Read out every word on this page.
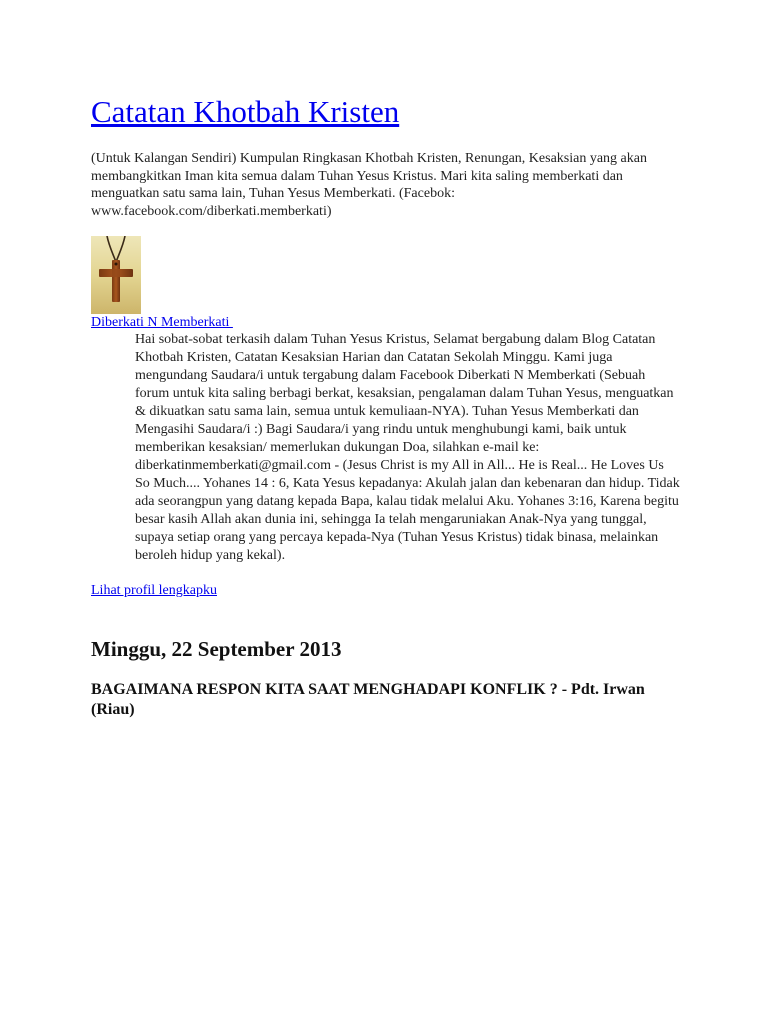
Catatan Khotbah Kristen
(Untuk Kalangan Sendiri) Kumpulan Ringkasan Khotbah Kristen, Renungan, Kesaksian yang akan membangkitkan Iman kita semua dalam Tuhan Yesus Kristus. Mari kita saling memberkati dan menguatkan satu sama lain, Tuhan Yesus Memberkati. (Facebok: www.facebook.com/diberkati.memberkati)
Diberkati N Memberkati
Hai sobat-sobat terkasih dalam Tuhan Yesus Kristus, Selamat bergabung dalam Blog Catatan Khotbah Kristen, Catatan Kesaksian Harian dan Catatan Sekolah Minggu. Kami juga mengundang Saudara/i untuk tergabung dalam Facebook Diberkati N Memberkati (Sebuah forum untuk kita saling berbagi berkat, kesaksian, pengalaman dalam Tuhan Yesus, menguatkan & dikuatkan satu sama lain, semua untuk kemuliaan-NYA). Tuhan Yesus Memberkati dan Mengasihi Saudara/i :) Bagi Saudara/i yang rindu untuk menghubungi kami, baik untuk memberikan kesaksian/ memerlukan dukungan Doa, silahkan e-mail ke: diberkatinmemberkati@gmail.com - (Jesus Christ is my All in All... He is Real... He Loves Us So Much.... Yohanes 14 : 6, Kata Yesus kepadanya: Akulah jalan dan kebenaran dan hidup. Tidak ada seorangpun yang datang kepada Bapa, kalau tidak melalui Aku. Yohanes 3:16, Karena begitu besar kasih Allah akan dunia ini, sehingga Ia telah mengaruniakan Anak-Nya yang tunggal, supaya setiap orang yang percaya kepada-Nya (Tuhan Yesus Kristus) tidak binasa, melainkan beroleh hidup yang kekal).
Lihat profil lengkapku
Minggu, 22 September 2013
BAGAIMANA RESPON KITA SAAT MENGHADAPI KONFLIK ? - Pdt. Irwan (Riau)
